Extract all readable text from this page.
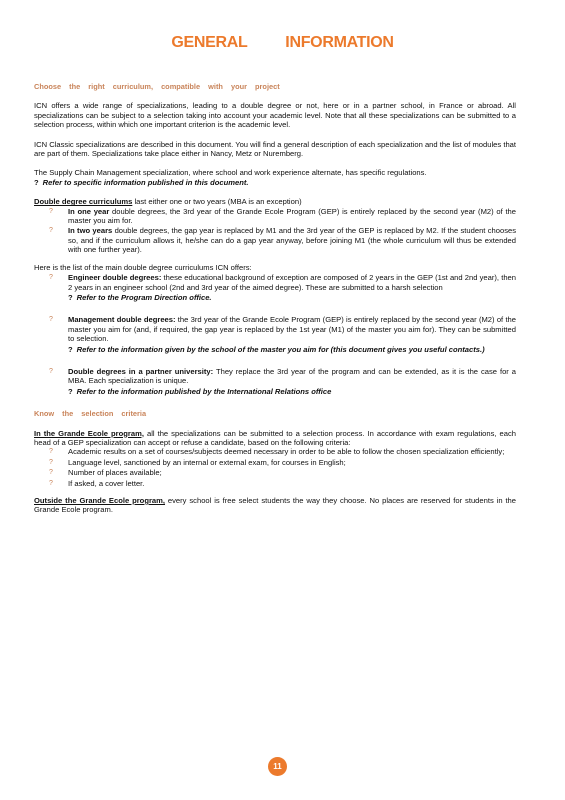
GENERAL INFORMATION
Choose the right curriculum, compatible with your project

ICN offers a wide range of specializations, leading to a double degree or not, here or in a partner school, in France or abroad. All specializations can be subject to a selection taking into account your academic level. Note that all these specializations can be submitted to a selection process, within which one important criterion is the academic level.

ICN Classic specializations are described in this document. You will find a general description of each specialization and the list of modules that are part of them. Specializations take place either in Nancy, Metz or Nuremberg.

The Supply Chain Management specialization, where school and work experience alternate, has specific regulations.

? Refer to specific information published in this document.
Double degree curriculums last either one or two years (MBA is an exception)
? In one year double degrees, the 3rd year of the Grande Ecole Program (GEP) is entirely replaced by the second year (M2) of the master you aim for.
? In two years double degrees, the gap year is replaced by M1 and the 3rd year of the GEP is replaced by M2. If the student chooses so, and if the curriculum allows it, he/she can do a gap year anyway, before joining M1 (the whole curriculum will thus be extended with one further year).
Here is the list of the main double degree curriculums ICN offers:
? Engineer double degrees: these educational background of exception are composed of 2 years in the GEP (1st and 2nd year), then 2 years in an engineer school (2nd and 3rd year of the aimed degree). These are submitted to a harsh selection
? Refer to the Program Direction office.
? Management double degrees: the 3rd year of the Grande Ecole Program (GEP) is entirely replaced by the second year (M2) of the master you aim for (and, if required, the gap year is replaced by the 1st year (M1) of the master you aim for). They can be submitted to selection.
? Refer to the information given by the school of the master you aim for (this document gives you useful contacts.)
? Double degrees in a partner university: They replace the 3rd year of the program and can be extended, as it is the case for a MBA. Each specialization is unique.
? Refer to the information published by the International Relations office
Know the selection criteria

In the Grande Ecole program, all the specializations can be submitted to a selection process. In accordance with exam regulations, each head of a GEP specialization can accept or refuse a candidate, based on the following criteria:

? Academic results on a set of courses/subjects deemed necessary in order to be able to follow the chosen specialization efficiently;
? Language level, sanctioned by an internal or external exam, for courses in English;
? Number of places available;
? If asked, a cover letter.

Outside the Grande Ecole program, every school is free select students the way they choose. No places are reserved for students in the Grande Ecole program.

11
